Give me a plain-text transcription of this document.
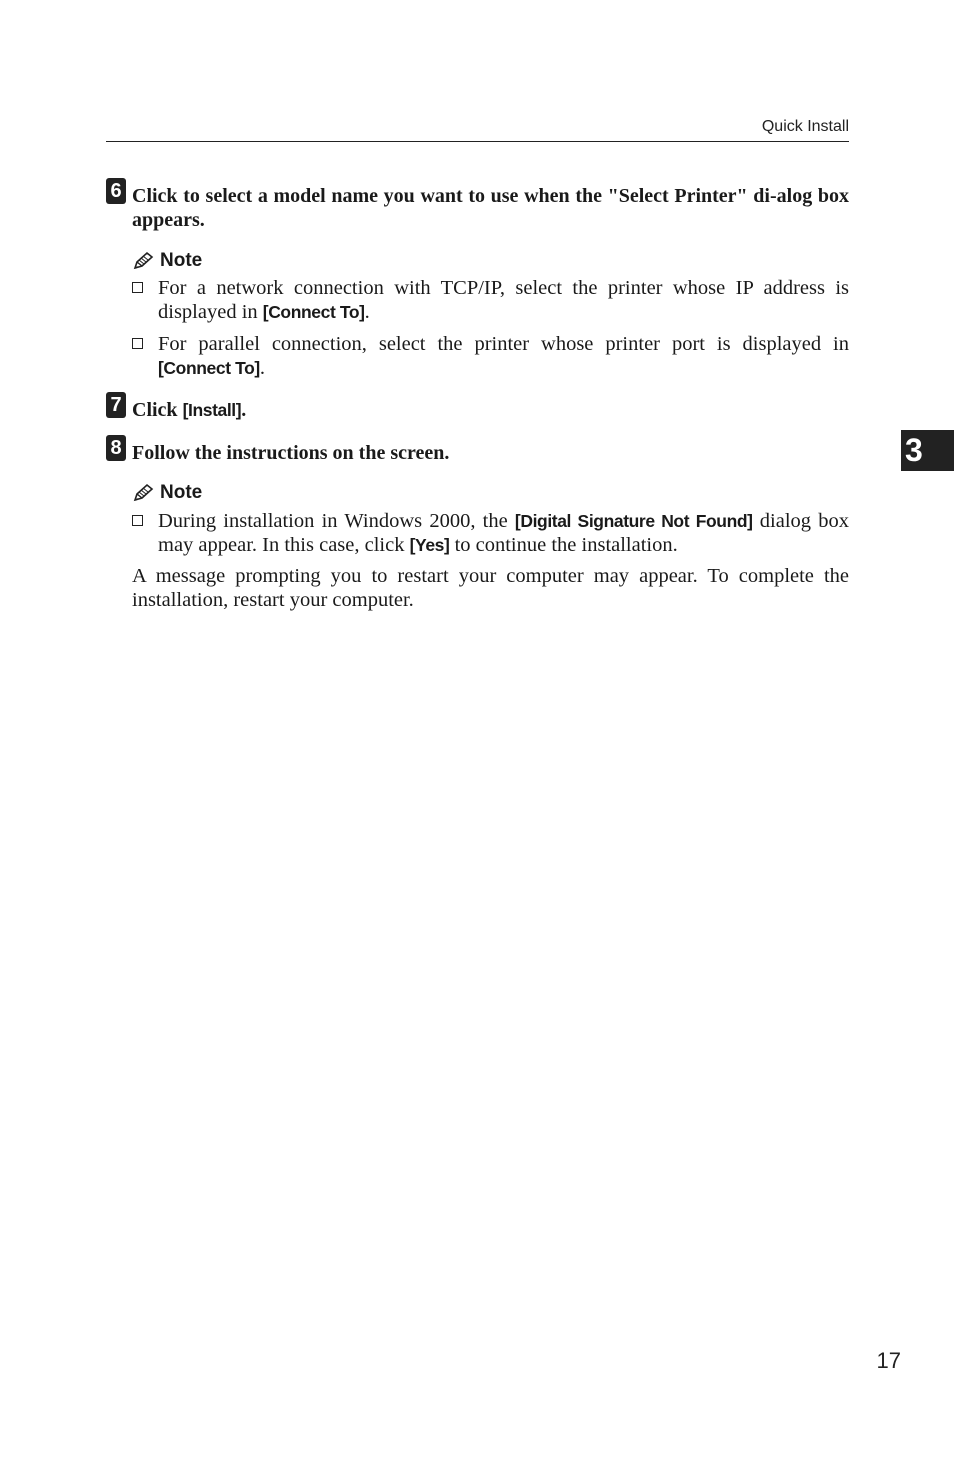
Quick Install
3
6 Click to select a model name you want to use when the "Select Printer" di-alog box appears.

Note
For a network connection with TCP/IP, select the printer whose IP address is displayed in [Connect To].
For parallel connection, select the printer whose printer port is displayed in [Connect To].
7 Click [Install].

8 Follow the instructions on the screen.

Note
During installation in Windows 2000, the [Digital Signature Not Found] dialog box may appear. In this case, click [Yes] to continue the installation.

A message prompting you to restart your computer may appear. To complete the installation, restart your computer.

17
